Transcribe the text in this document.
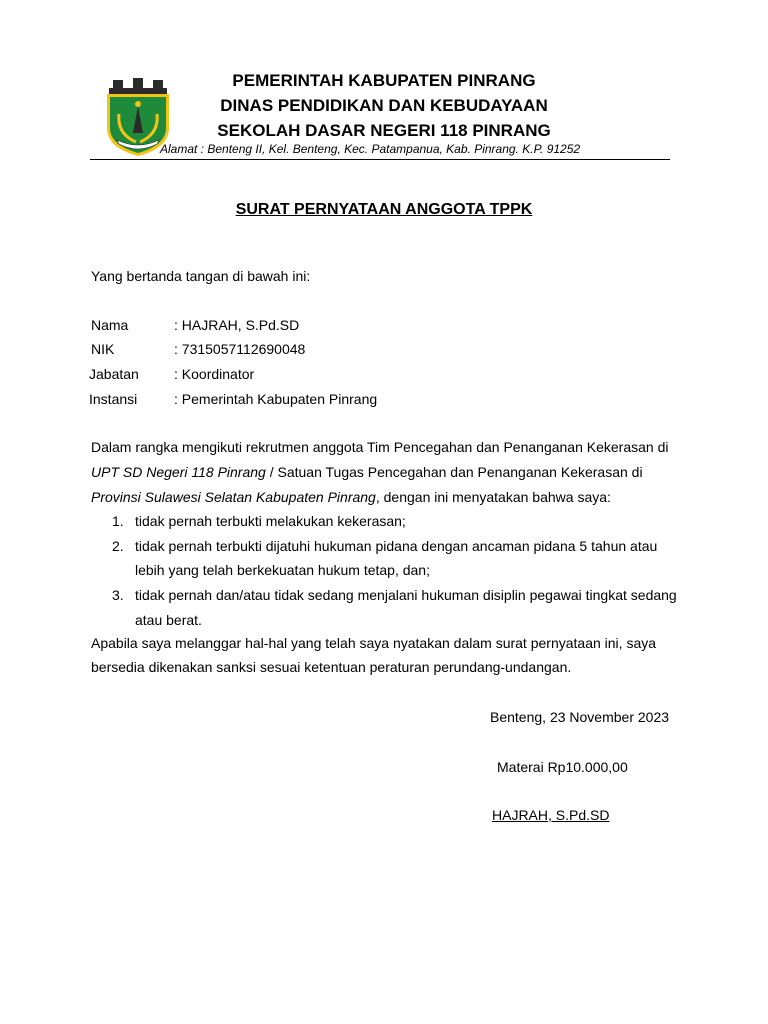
PEMERINTAH KABUPATEN PINRANG
DINAS PENDIDIKAN DAN KEBUDAYAAN
SEKOLAH DASAR NEGERI 118 PINRANG
Alamat : Benteng II, Kel. Benteng, Kec. Patampanua, Kab. Pinrang. K.P. 91252
SURAT PERNYATAAN ANGGOTA TPPK
Yang bertanda tangan di bawah ini:
Nama	: HAJRAH, S.Pd.SD
NIK	: 7315057112690048
Jabatan	: Koordinator
Instansi	: Pemerintah Kabupaten Pinrang
Dalam rangka mengikuti rekrutmen anggota Tim Pencegahan dan Penanganan Kekerasan di
UPT SD Negeri 118 Pinrang / Satuan Tugas Pencegahan dan Penanganan Kekerasan di
Provinsi Sulawesi Selatan Kabupaten Pinrang, dengan ini menyatakan bahwa saya:
1. tidak pernah terbukti melakukan kekerasan;
2. tidak pernah terbukti dijatuhi hukuman pidana dengan ancaman pidana 5 tahun atau
lebih yang telah berkekuatan hukum tetap, dan;
3. tidak pernah dan/atau tidak sedang menjalani hukuman disiplin pegawai tingkat sedang
atau berat.
Apabila saya melanggar hal-hal yang telah saya nyatakan dalam surat pernyataan ini, saya
bersedia dikenakan sanksi sesuai ketentuan peraturan perundang-undangan.
Benteng, 23 November 2023
Materai Rp10.000,00
HAJRAH, S.Pd.SD
